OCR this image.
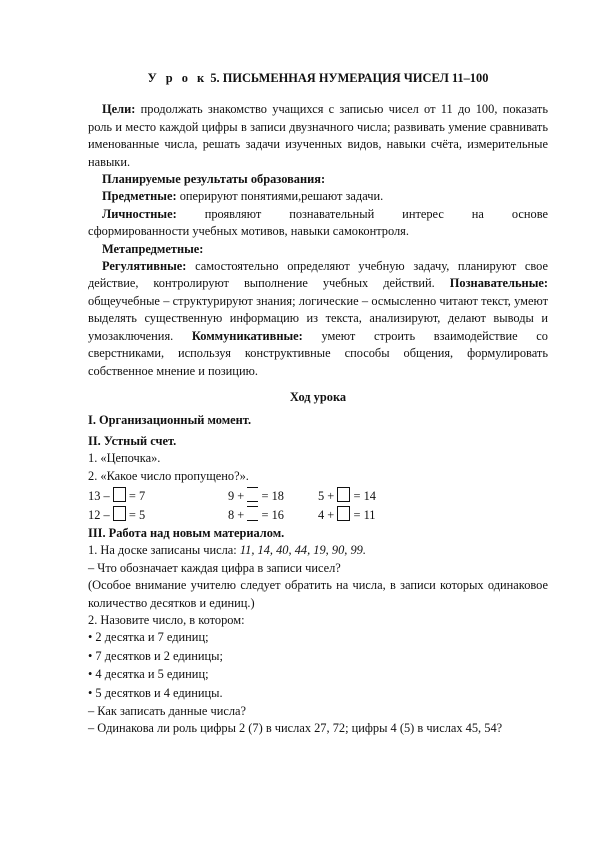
У р о к 5. ПИСЬМЕННАЯ НУМЕРАЦИЯ ЧИСЕЛ 11–100

Цели: продолжать знакомство учащихся с записью чисел от 11 до 100, показать роль и место каждой цифры в записи двузначного числа; развивать умение сравнивать именованные числа, решать задачи изученных видов, навыки счёта, измерительные навыки.

Планируемые результаты образования:

Предметные: оперируют понятиями,решают задачи.

Личностные: проявляют познавательный интерес на основе

сформированности учебных мотивов, навыки самоконтроля.

Метапредметные:

Регулятивные: самостоятельно определяют учебную задачу, планируют свое действие, контролируют выполнение учебных действий. Познавательные: общеучебные – структурируют знания; логические – осмысленно читают текст, умеют выделять существенную информацию из текста, анализируют, делают выводы и умозаключения. Коммуникативные: умеют строить взаимодействие со сверстниками, используя конструктивные способы общения, формулировать собственное мнение и позицию.

Ход урока

I. Организационный момент.

II. Устный счет.

1. «Цепочка».

2. «Какое число пропущено?».

13 –  = 7	9 +  = 18	5 +  = 14
12 –  = 5	8 +  = 16	4 +  = 11

III. Работа над новым материалом.

1. На доске записаны числа: 11, 14, 40, 44, 19, 90, 99.

– Что обозначает каждая цифра в записи чисел?

(Особое внимание учителю следует обратить на числа, в записи которых одинаковое количество десятков и единиц.)

2. Назовите число, в котором:

• 2 десятка и 7 единиц;

• 7 десятков и 2 единицы;

• 4 десятка и 5 единиц;

• 5 десятков и 4 единицы.

– Как записать данные числа?

– Одинакова ли роль цифры 2 (7) в числах 27, 72; цифры 4 (5) в числах 45, 54?
